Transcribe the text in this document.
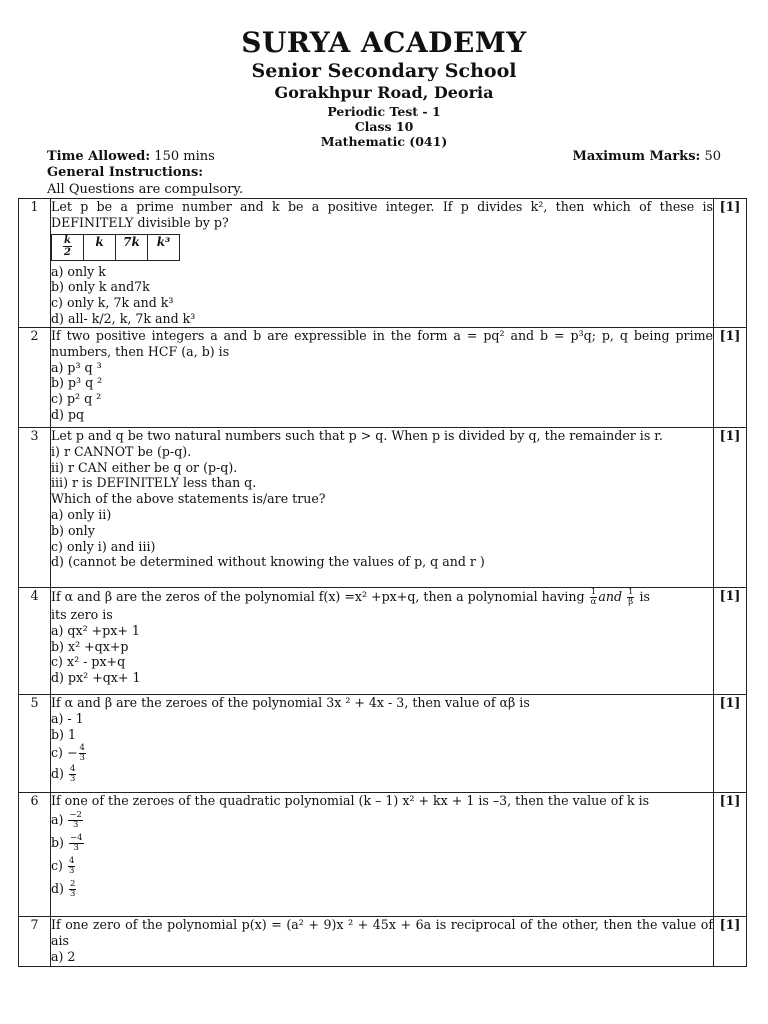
SURYA ACADEMY
Senior Secondary School
Gorakhpur Road, Deoria
Periodic Test - 1
Class 10
Mathematic (041)
Time Allowed: 150 mins	Maximum Marks: 50
General Instructions:
All Questions are compulsory.
1	Let p be a prime number and k be a positive integer. If p divides k², then which of these is DEFINITELY divisible by p?
$\frac{k}{2}$	k	7k	k³
a) only k
b) only k and7k
c) only k, 7k and k³
d) all- k/2, k, 7k and k³
	[1]
2	If two positive integers a and b are expressible in the form a = pq² and b = p³q; p, q being prime numbers, then HCF (a, b) is
a) p³ q ³
b) p³ q ²
c) p² q ²
d) pq
	[1]
3	Let p and q be two natural numbers such that p > q. When p is divided by q, the remainder is r.
i) r CANNOT be (p-q).
ii) r CAN either be q or (p-q).
iii) r is DEFINITELY less than q.
Which of the above statements is/are true?
a) only ii)
b) only
c) only i) and iii)
d) (cannot be determined without knowing the values of p, q and r )
	[1]
4	If α and β are the zeros of the polynomial f(x) =x² +px+q, then a polynomial having $\frac{1}{\alpha}$ and $\frac{1}{\beta}$ is
its zero is
a) qx² +px+ 1
b) x² +qx+p
c) x² - px+q
d) px² +qx+ 1
	[1]
5	If α and β are the zeroes of the polynomial 3x ² + 4x - 3, then value of αβ is
a) - 1
b) 1
$c) - \frac{4}{3}$
$d) \frac{4}{3}$
	[1]
6	If one of the zeroes of the quadratic polynomial (k – 1) x² + kx + 1 is –3, then the value of k is
$a) \frac{-2}{3}$
$b) \frac{-4}{3}$
$c) \frac{4}{3}$
$d) \frac{2}{3}$
	[1]
7	If one zero of the polynomial p(x) = (a² + 9)x ² + 45x + 6a is reciprocal of the other, then the value of ais
a) 2
	[1]
